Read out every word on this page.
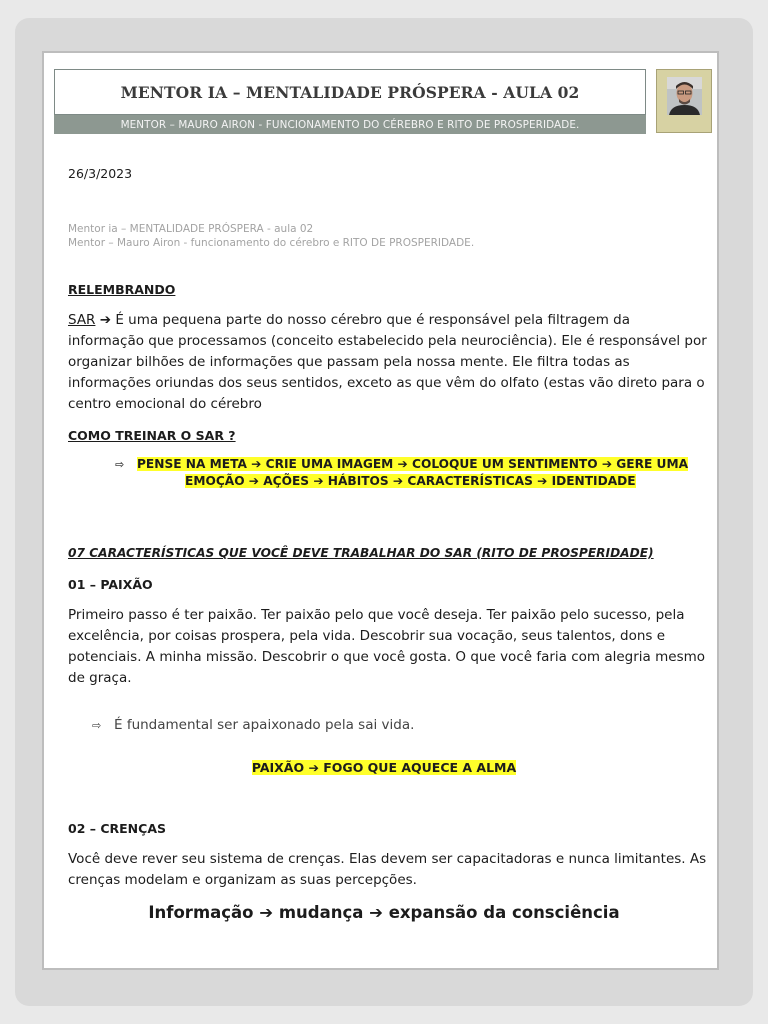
MENTOR IA – MENTALIDADE PRÓSPERA - AULA 02
MENTOR – MAURO AIRON - FUNCIONAMENTO DO CÉREBRO E RITO DE PROSPERIDADE.
26/3/2023
Mentor ia – MENTALIDADE PRÓSPERA - aula 02
Mentor – Mauro Airon - funcionamento do cérebro e RITO DE PROSPERIDADE.
RELEMBRANDO
SAR ➔ É uma pequena parte do nosso cérebro que é responsável pela filtragem da informação que processamos (conceito estabelecido pela neurociência). Ele é responsável por organizar bilhões de informações que passam pela nossa mente. Ele filtra todas as informações oriundas dos seus sentidos, exceto as que vêm do olfato (estas vão direto para o centro emocional do cérebro
COMO TREINAR O SAR ?
⇨ PENSE NA META ➔ CRIE UMA IMAGEM ➔ COLOQUE UM SENTIMENTO ➔ GERE UMA
EMOÇÃO ➔ AÇÕES ➔ HÁBITOS ➔ CARACTERÍSTICAS ➔ IDENTIDADE
07 CARACTERÍSTICAS QUE VOCÊ DEVE TRABALHAR DO SAR (RITO DE PROSPERIDADE)
01 – PAIXÃO
Primeiro passo é ter paixão. Ter paixão pelo que você deseja. Ter paixão pelo sucesso, pela excelência, por coisas prospera, pela vida. Descobrir sua vocação, seus talentos, dons e potenciais. A minha missão. Descobrir o que você gosta. O que você faria com alegria mesmo de graça.
⇨ É fundamental ser apaixonado pela sai vida.
PAIXÃO ➔ FOGO QUE AQUECE A ALMA
02 – CRENÇAS
Você deve rever seu sistema de crenças. Elas devem ser capacitadoras e nunca limitantes. As crenças modelam e organizam as suas percepções.
Informação ➔ mudança ➔ expansão da consciência
